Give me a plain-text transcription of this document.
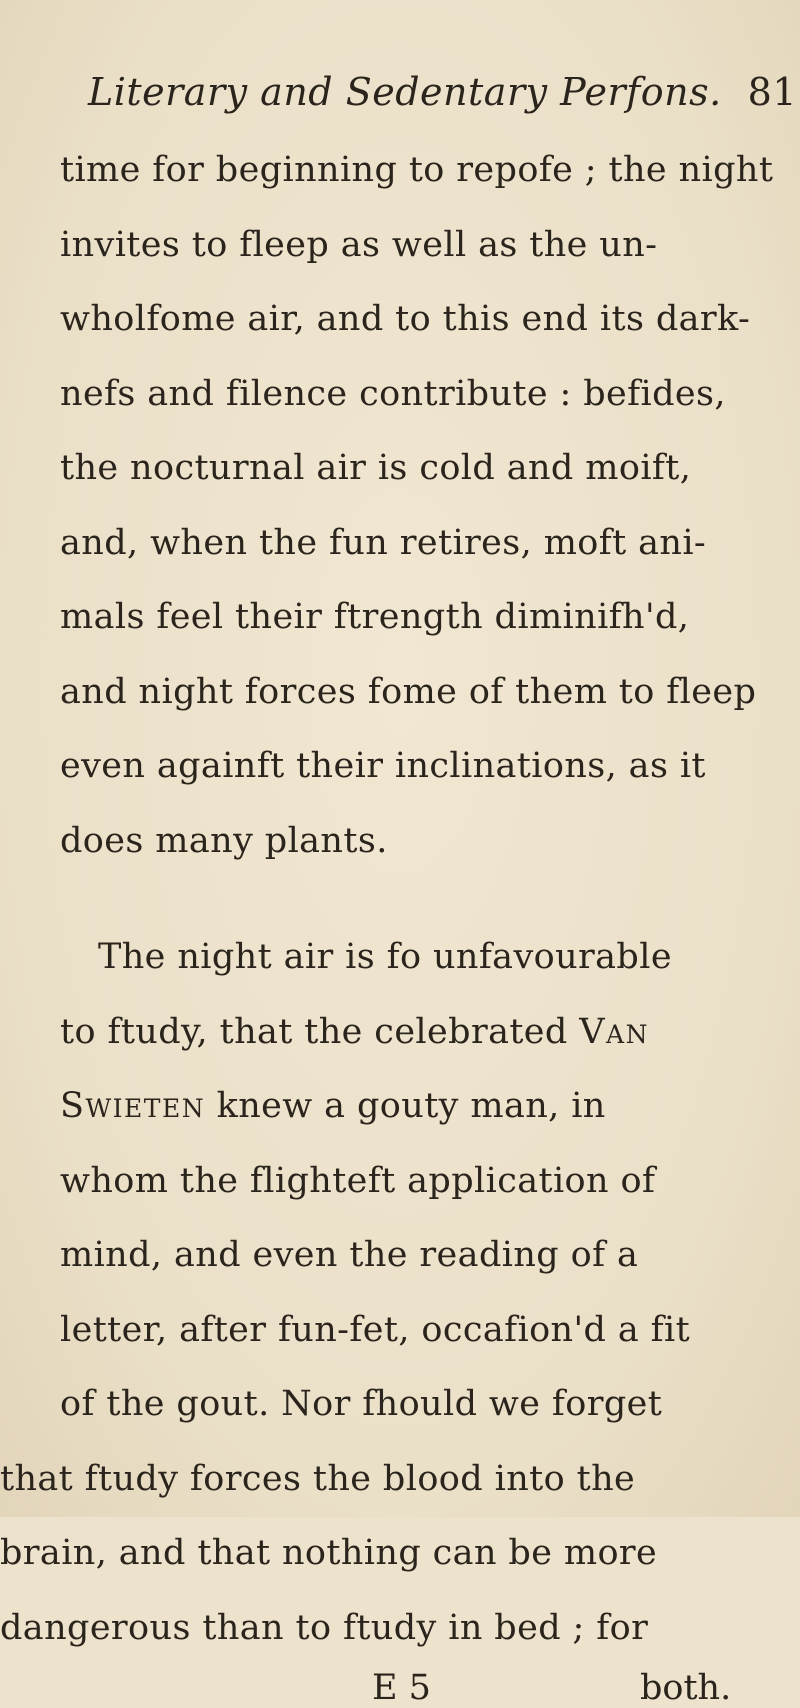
Literary and Sedentary Perfons. 81
time for beginning to repofe ; the night
invites to fleep as well as the un-
wholfome air, and to this end its dark-
nefs and filence contribute : befides,
the nocturnal air is cold and moift,
and, when the fun retires, moft ani-
mals feel their ftrength diminifh'd,
and night forces fome of them to fleep
even againft their inclinations, as it
does many plants.
The night air is fo unfavourable
to ftudy, that the celebrated Van
Swieten knew a gouty man, in
whom the flighteft application of
mind, and even the reading of a
letter, after fun-fet, occafion'd a fit
of the gout. Nor fhould we forget
that ftudy forces the blood into the
brain, and that nothing can be more
dangerous than to ftudy in bed ; for
E 5	both.
